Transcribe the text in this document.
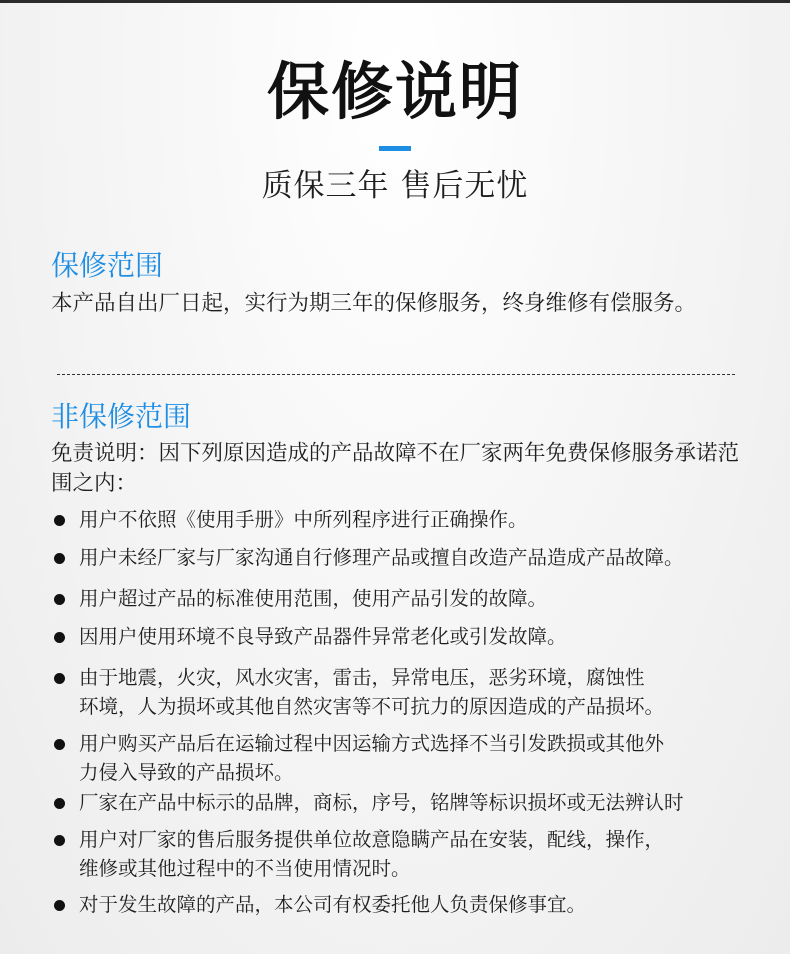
保修说明
质保三年 售后无忧
保修范围
本产品自出厂日起，实行为期三年的保修服务，终身维修有偿服务。
非保修范围
免责说明：因下列原因造成的产品故障不在厂家两年免费保修服务承诺范围之内：
用户不依照《使用手册》中所列程序进行正确操作。
用户未经厂家与厂家沟通自行修理产品或擅自改造产品造成产品故障。
用户超过产品的标准使用范围，使用产品引发的故障。
因用户使用环境不良导致产品器件异常老化或引发故障。
由于地震，火灾，风水灾害，雷击，异常电压，恶劣环境，腐蚀性
环境，人为损坏或其他自然灾害等不可抗力的原因造成的产品损坏。
用户购买产品后在运输过程中因运输方式选择不当引发跌损或其他外
力侵入导致的产品损坏。
厂家在产品中标示的品牌，商标，序号，铭牌等标识损坏或无法辨认时
用户对厂家的售后服务提供单位故意隐瞒产品在安装，配线，操作，
维修或其他过程中的不当使用情况时。
对于发生故障的产品，本公司有权委托他人负责保修事宜。
